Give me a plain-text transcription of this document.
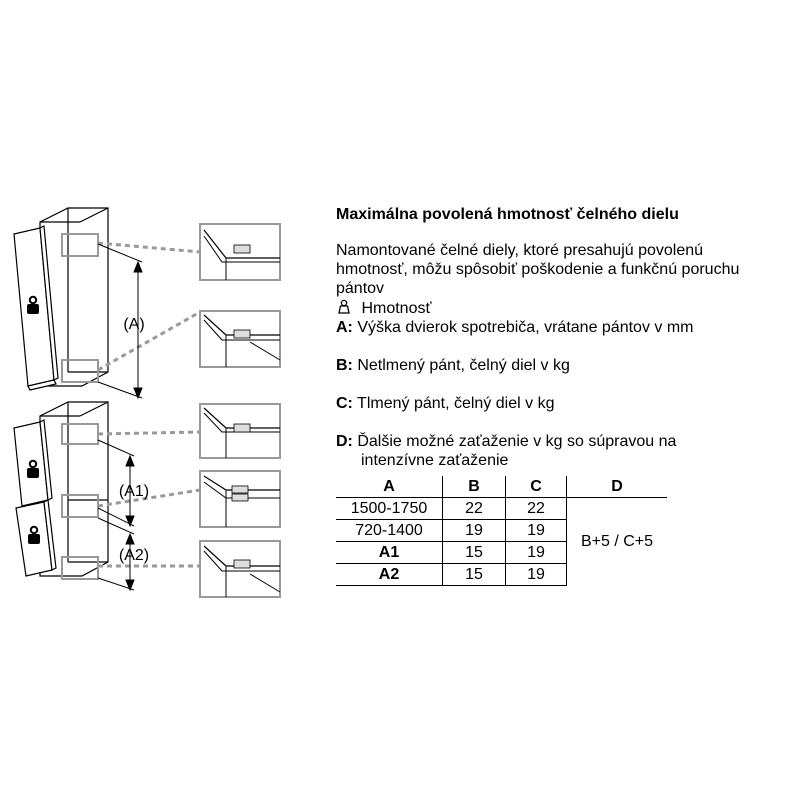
(A)
(A1)
(A2)
Maximálna povolená hmotnosť čelného dielu
Namontované čelné diely, ktoré presahujú povolenú
hmotnosť, môžu spôsobiť poškodenie a funkčnú poruchu
pántov
Hmotnosť
A: Výška dvierok spotrebiča, vrátane pántov v mm
B: Netlmený pánt, čelný diel v kg
C: Tlmený pánt, čelný diel v kg
D: Ďalšie možné zaťaženie v kg so súpravou na
intenzívne zaťaženie
A	B	C	D
1500-1750	22	22	B+5 / C+5
720-1400	19	19	
A1	15	19	
A2	15	19	
